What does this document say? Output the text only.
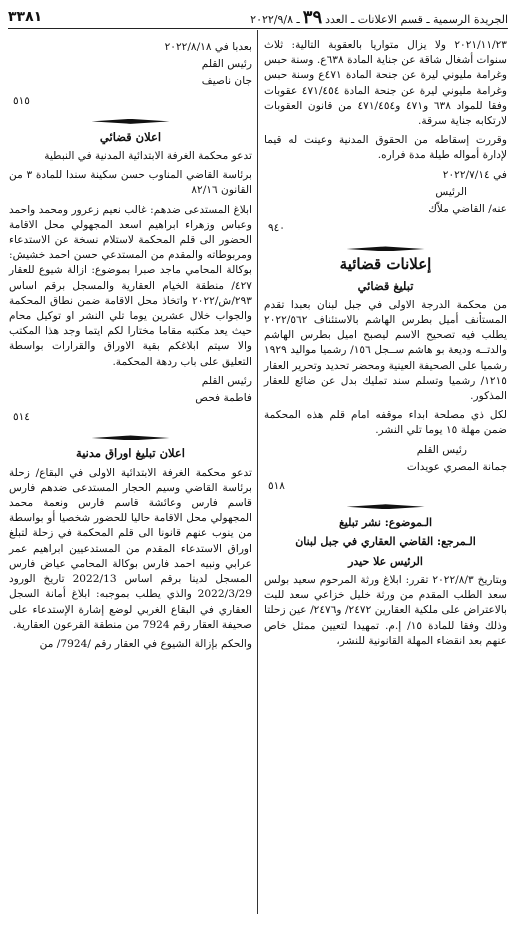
الجريدة الرسمية ـ قسم الاعلانات ـ العدد٣٩ـ ٢٠٢٢/٩/٨
٣٣٨١

٢٠٢١/١١/٢٣ ولا يزال متواريا بالعقوبة التالية: ثلاث سنوات أشغال شاقة عن جناية المادة ٦٣٨ع. وسنة حبس وغرامة مليوني ليرة عن جنحة المادة ٤٧١ع وسنة حبس وغرامة مليوني ليرة عن جنحة المادة ٤٧١/٤٥٤ عقوبات وفقا للمواد ٦٣٨ و٤٧١ و٤٧١/٤٥٤ من قانون العقوبات لارتكابه جناية سرقة.

وقررت إسقاطه من الحقوق المدنية وعينت له قيما لإدارة أمواله طيلة مدة فراره.

في ٢٠٢٢/٧/١٤
الرئيس
عنه/ القاضي ملاّك
٩٤٠
إعلانات قضائية
تبليغ قضائي

من محكمة الدرجة الاولى في جبل لبنان بعبدا تقدم المستأنف أميل بطرس الهاشم بالاستئناف ٢٠٢٢/٥٦٢ يطلب فيه تصحيح الاسم ليصبح اميل بطرس الهاشم والدتــه وديعة بو هاشم ســجل ١٥٦/ رشميا مواليد ١٩٢٩ رشميا على الصحيفة العينية ومحضر تحديد وتحرير العقار ١٢١٥/ رشميا وتسلم سند تمليك بدل عن ضائع للعقار المذكور.

لكل ذي مصلحة ابداء موقفه امام قلم هذه المحكمة ضمن مهلة ١٥ يوما تلي النشر.

رئيس القلم
جمانة المصري عويدات
٥١٨
الـموضوع: نشر تبليغ
الـمرجع: القاضي العقاري في جبل لبنان
الرئيس علا حيدر

وبتاريخ ٢٠٢٢/٨/٣ تقرر: ابلاغ ورثة المرحوم سعيد بولس سعد الطلب المقدم من ورثة خليل خزاعي سعد للبت بالاعتراض على ملكية العقارين ٢٤٧٢/ و٢٤٧٦/ عين زحلتا وذلك وفقا للمادة ١٥/ إ.م. تمهيدا لتعيين ممثل خاص عنهم بعد انقضاء المهلة القانونية للنشر،

بعدبا في ٢٠٢٢/٨/١٨
رئيس القلم
جان ناصيف
٥١٥
اعلان قضائي

تدعو محكمة الغرفة الابتدائية المدنية في النبطية

برئاسة القاضي المناوب حسن سكينة سندا للمادة ٣ من القانون ٨٢/١٦

ابلاغ المستدعى ضدهم: غالب نعيم زعرور ومحمد واحمد وعباس وزهراء ابراهيم اسعد المجهولي محل الاقامة الحضور الى قلم المحكمة لاستلام نسخة عن الاستدعاء ومربوطاته والمقدم من المستدعي حسن احمد خشيش: بوكالة المحامي ماجد صبرا بموضوع: ازالة شيوع للعقار ٤٢٧/ منطقة الخيام العقارية والمسجل برقم اساس ٢٩٣/ش/٢٠٢٢ واتخاذ محل الاقامة ضمن نطاق المحكمة والجواب خلال عشرين يوما تلي النشر او توكيل محام حيث يعد مكتبه مقاما مختارا لكم ايتما وجد هذا المكتب والا سيتم ابلاغكم بقية الاوراق والقرارات بواسطة التعليق على باب ردهة المحكمة.

رئيس القلم
فاطمة فحص
٥١٤
اعلان تبليغ اوراق مدنية

تدعو محكمة الغرفة الابتدائية الاولى في البقاع/ زحلة برئاسة القاضي وسيم الحجار المستدعى ضدهم فارس قاسم فارس وعائشة قاسم فارس ونعمة محمد المجهولي محل الاقامة حاليا للحضور شخصيا أو بواسطة من ينوب عنهم قانونا الى قلم المحكمة في زحلة لتبلغ اوراق الاستدعاء المقدم من المستدعيين ابراهيم عمر عرابي ونبيه احمد فارس بوكالة المحامي عياض فارس المسجل لدينا برقم اساس 2022/13 تاريخ الورود 2022/3/29 والذي يطلب بموجبه: ابلاغ أمانة السجل العقاري في البقاع الغربي لوضع إشارة الإستدعاء على صحيفة العقار رقم 7924 من منطقة القرعون العقارية.

والحكم بإزالة الشيوع في العقار رقم /7924/ من
